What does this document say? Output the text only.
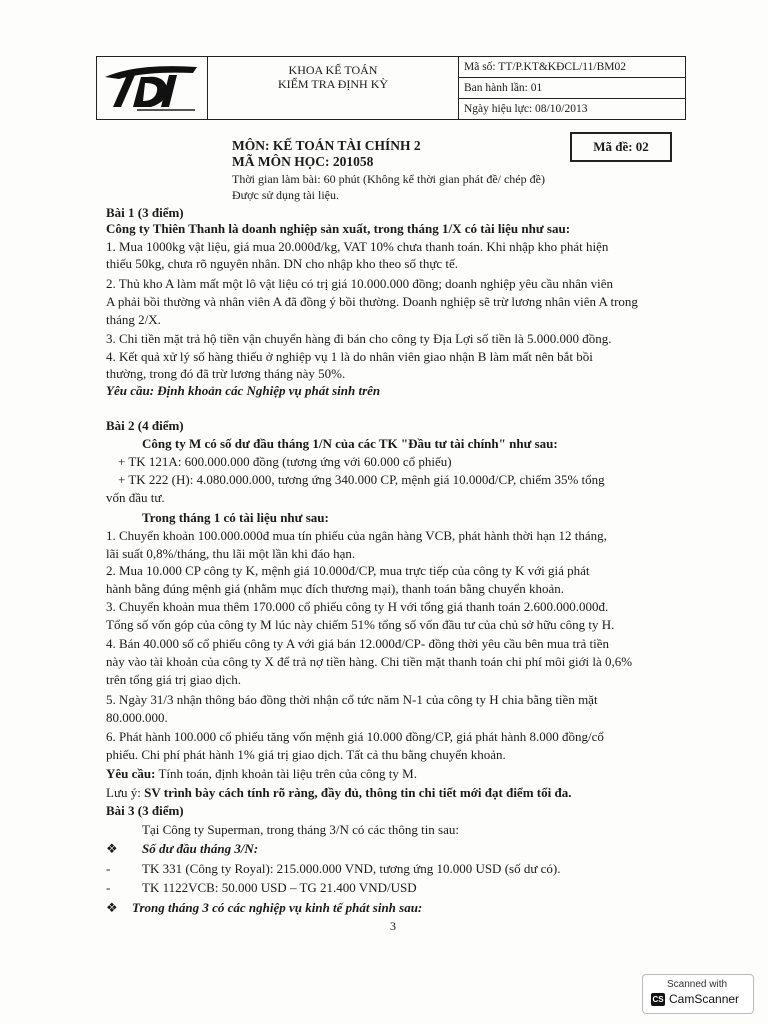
KHOA KẾ TOÁN
KIỂM TRA ĐỊNH KỲ
Mã số: TT/P.KT&KĐCL/11/BM02
Ban hành lần: 01
Ngày hiệu lực: 08/10/2013
MÔN: KẾ TOÁN TÀI CHÍNH 2
MÃ MÔN HỌC: 201058
Thời gian làm bài: 60 phút (Không kể thời gian phát đề/ chép đề)
Được sử dụng tài liệu.
Mã đề: 02
Bài 1 (3 điểm)
Công ty Thiên Thanh là doanh nghiệp sản xuất, trong tháng 1/X có tài liệu như sau:
1. Mua 1000kg vật liệu, giá mua 20.000đ/kg, VAT 10% chưa thanh toán. Khi nhập kho phát hiện
thiếu 50kg, chưa rõ nguyên nhân. DN cho nhập kho theo số thực tế.
2. Thủ kho A làm mất một lô vật liệu có trị giá 10.000.000 đồng; doanh nghiệp yêu cầu nhân viên
A phải bồi thường và nhân viên A đã đồng ý bồi thường. Doanh nghiệp sẽ trừ lương nhân viên A trong
tháng 2/X.
3. Chi tiền mặt trả hộ tiền vận chuyển hàng đi bán cho công ty Địa Lợi số tiền là 5.000.000 đồng.
4. Kết quả xử lý số hàng thiếu ở nghiệp vụ 1 là do nhân viên giao nhận B làm mất nên bắt bồi
thường, trong đó đã trừ lương tháng này 50%.
Yêu cầu: Định khoản các Nghiệp vụ phát sinh trên
Bài 2 (4 điểm)
Công ty M có số dư đầu tháng 1/N của các TK "Đầu tư tài chính" như sau:
+ TK 121A: 600.000.000 đồng (tương ứng với 60.000 cổ phiếu)
+ TK 222 (H): 4.080.000.000, tương ứng 340.000 CP, mệnh giá 10.000đ/CP, chiếm 35% tổng
vốn đầu tư.
Trong tháng 1 có tài liệu như sau:
1. Chuyển khoản 100.000.000đ mua tín phiếu của ngân hàng VCB, phát hành thời hạn 12 tháng,
lãi suất 0,8%/tháng, thu lãi một lần khi đáo hạn.
2. Mua 10.000 CP công ty K, mệnh giá 10.000đ/CP, mua trực tiếp của công ty K với giá phát
hành bằng đúng mệnh giá (nhằm mục đích thương mại), thanh toán bằng chuyển khoản.
3. Chuyển khoản mua thêm 170.000 cổ phiếu công ty H với tổng giá thanh toán 2.600.000.000đ.
Tổng số vốn góp của công ty M lúc này chiếm 51% tổng số vốn đầu tư của chủ sở hữu công ty H.
4. Bán 40.000 số cổ phiếu công ty A với giá bán 12.000đ/CP- đồng thời yêu cầu bên mua trả tiền
này vào tài khoản của công ty X để trả nợ tiền hàng. Chi tiền mặt thanh toán chi phí môi giới là 0,6%
trên tổng giá trị giao dịch.
5. Ngày 31/3 nhận thông báo đồng thời nhận cổ tức năm N-1 của công ty H chia bằng tiền mặt
80.000.000.
6. Phát hành 100.000 cổ phiếu tăng vốn mệnh giá 10.000 đồng/CP, giá phát hành 8.000 đồng/cổ
phiếu. Chi phí phát hành 1% giá trị giao dịch. Tất cả thu bằng chuyển khoản.
Yêu cầu: Tính toán, định khoản tài liệu trên của công ty M.
Lưu ý: SV trình bày cách tính rõ ràng, đầy đủ, thông tin chi tiết mới đạt điểm tối đa.
Bài 3 (3 điểm)
Tại Công ty Superman, trong tháng 3/N có các thông tin sau:
❖ Số dư đầu tháng 3/N:
- TK 331 (Công ty Royal): 215.000.000 VND, tương ứng 10.000 USD (số dư có).
- TK 1122VCB: 50.000 USD – TG 21.400 VND/USD
❖ Trong tháng 3 có các nghiệp vụ kinh tế phát sinh sau:
3
Scanned with
CS CamScanner
